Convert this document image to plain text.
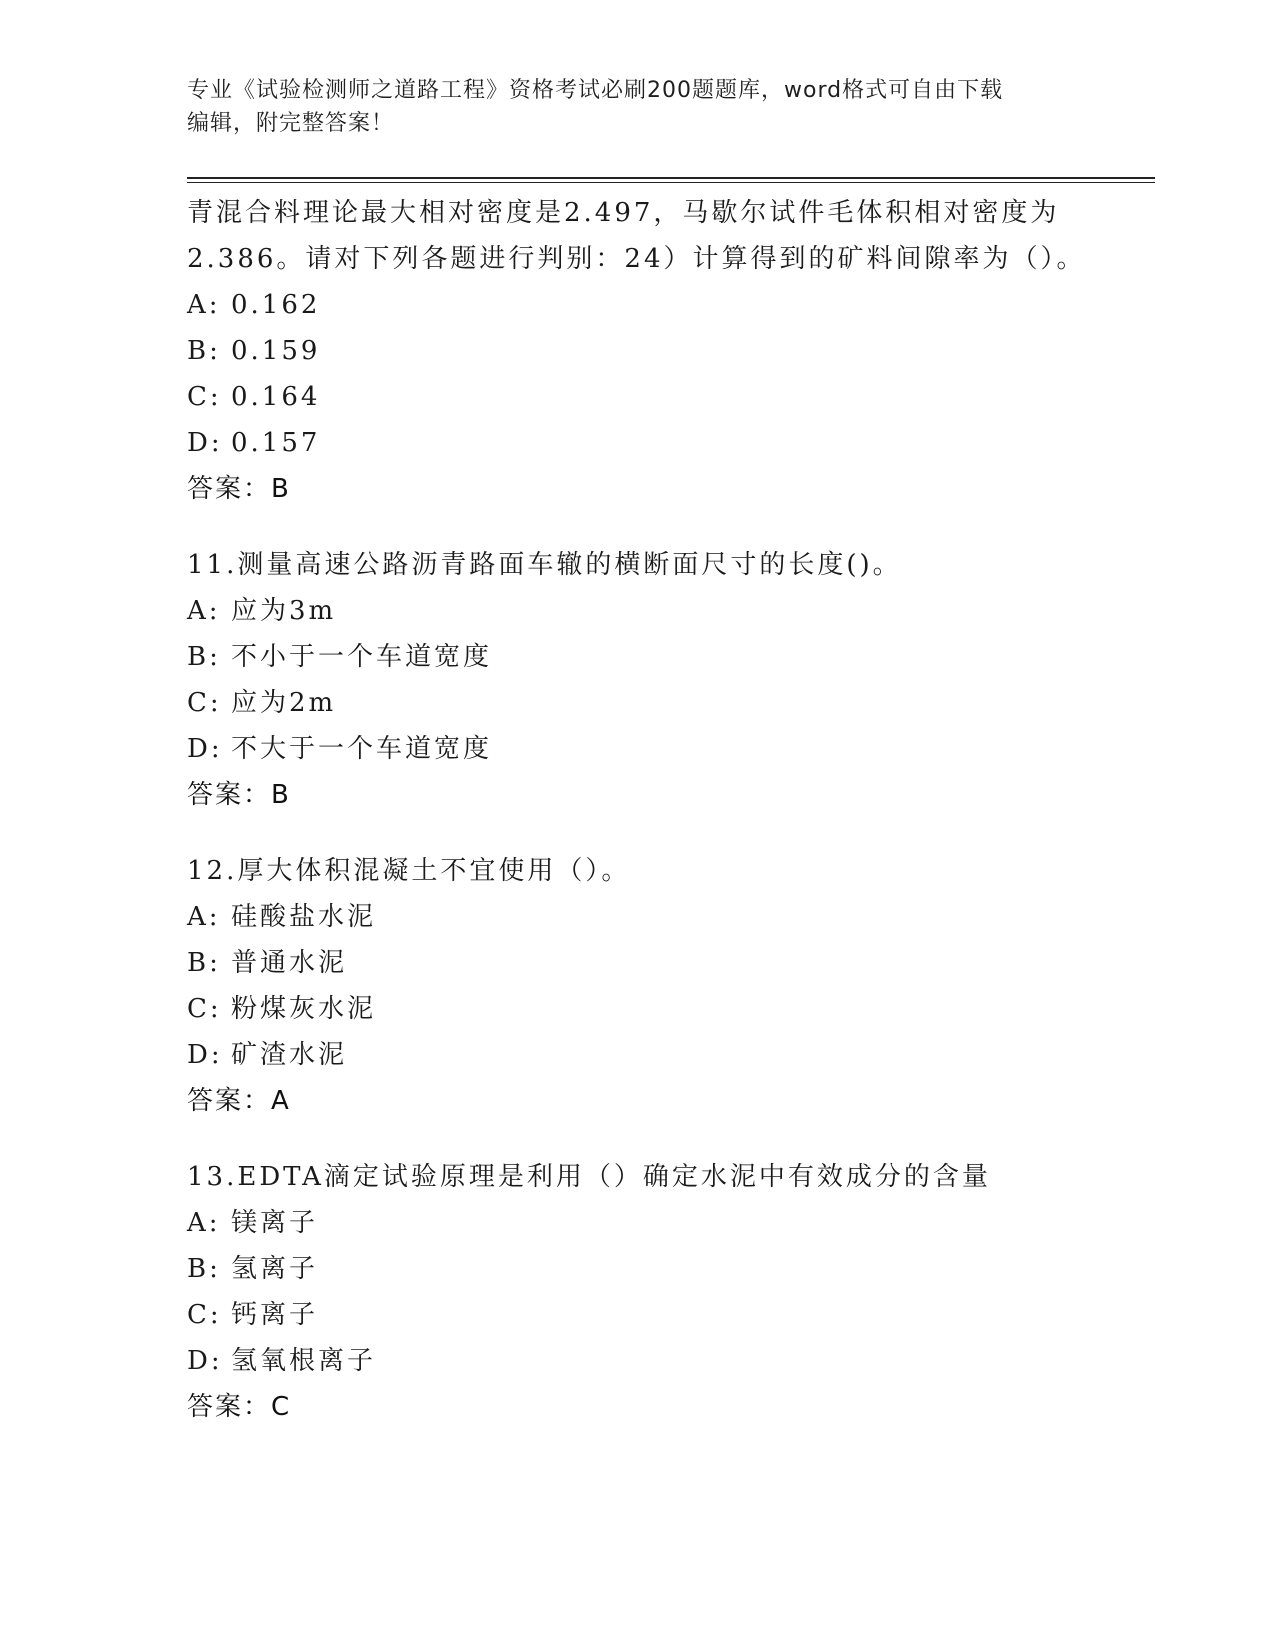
专业《试验检测师之道路工程》资格考试必刷200题题库，word格式可自由下载
编辑，附完整答案！
青混合料理论最大相对密度是2.497，马歇尔试件毛体积相对密度为
2.386。请对下列各题进行判别：24）计算得到的矿料间隙率为（）。
A: 0.162
B: 0.159
C: 0.164
D: 0.157
答案：B
11.测量高速公路沥青路面车辙的横断面尺寸的长度()。
A: 应为3m
B: 不小于一个车道宽度
C: 应为2m
D: 不大于一个车道宽度
答案：B
12.厚大体积混凝土不宜使用（）。
A: 硅酸盐水泥
B: 普通水泥
C: 粉煤灰水泥
D: 矿渣水泥
答案：A
13.EDTA滴定试验原理是利用（）确定水泥中有效成分的含量
A: 镁离子
B: 氢离子
C: 钙离子
D: 氢氧根离子
答案：C
